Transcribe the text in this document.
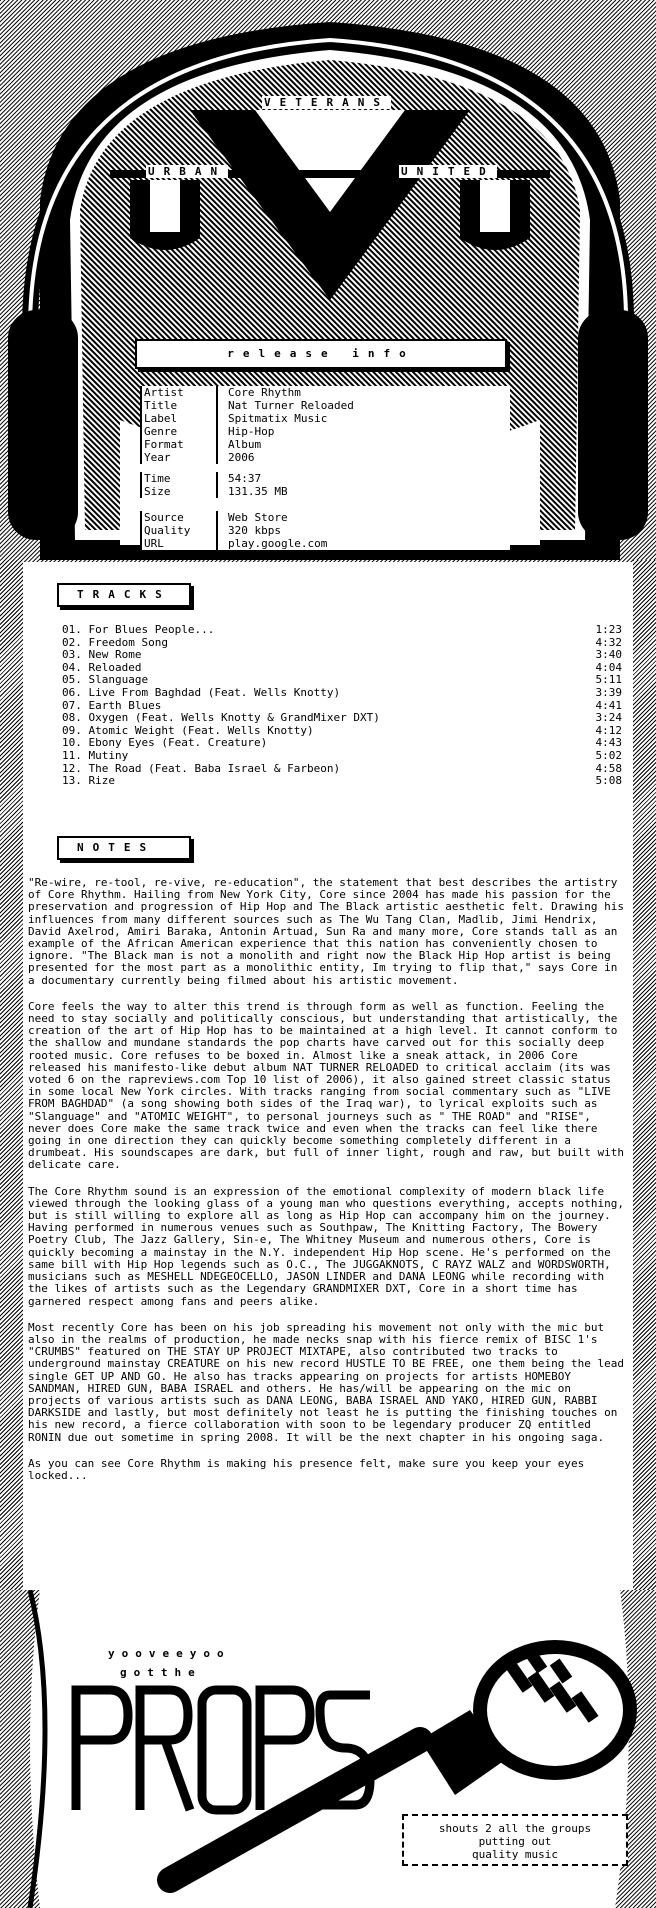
VETERANS
URBAN	UNITED
release info
Artist	Core Rhythm
Title	Nat Turner Reloaded
Label	Spitmatix Music
Genre	Hip-Hop
Format	Album
Year	2006
Time	54:37
Size	131.35 MB
Source	Web Store
Quality	320 kbps
URL	play.google.com
TRACKS
01. For Blues People...	1:23
02. Freedom Song	4:32
03. New Rome	3:40
04. Reloaded	4:04
05. Slanguage	5:11
06. Live From Baghdad (Feat. Wells Knotty)	3:39
07. Earth Blues	4:41
08. Oxygen (Feat. Wells Knotty & GrandMixer DXT)	3:24
09. Atomic Weight (Feat. Wells Knotty)	4:12
10. Ebony Eyes (Feat. Creature)	4:43
11. Mutiny	5:02
12. The Road (Feat. Baba Israel & Farbeon)	4:58
13. Rize	5:08
NOTES

"Re-wire, re-tool, re-vive, re-education", the statement that best describes the artistry of Core Rhythm. Hailing from New York City, Core since 2004 has made his passion for the preservation and progression of Hip Hop and The Black artistic aesthetic felt. Drawing his influences from many different sources such as The Wu Tang Clan, Madlib, Jimi Hendrix, David Axelrod, Amiri Baraka, Antonin Artuad, Sun Ra and many more, Core stands tall as an example of the African American experience that this nation has conveniently chosen to ignore. "The Black man is not a monolith and right now the Black Hip Hop artist is being presented for the most part as a monolithic entity, Im trying to flip that," says Core in a documentary currently being filmed about his artistic movement.

Core feels the way to alter this trend is through form as well as function. Feeling the need to stay socially and politically conscious, but understanding that artistically, the creation of the art of Hip Hop has to be maintained at a high level. It cannot conform to the shallow and mundane standards the pop charts have carved out for this socially deep rooted music. Core refuses to be boxed in. Almost like a sneak attack, in 2006 Core released his manifesto-like debut album NAT TURNER RELOADED to critical acclaim (its was voted 6 on the rapreviews.com Top 10 list of 2006), it also gained street classic status in some local New York circles. With tracks ranging from social commentary such as "LIVE FROM BAGHDAD" (a song showing both sides of the Iraq war), to lyrical exploits such as "Slanguage" and "ATOMIC WEIGHT", to personal journeys such as " THE ROAD" and "RISE", never does Core make the same track twice and even when the tracks can feel like there going in one direction they can quickly become something completely different in a drumbeat. His soundscapes are dark, but full of inner light, rough and raw, but built with delicate care.

The Core Rhythm sound is an expression of the emotional complexity of modern black life viewed through the looking glass of a young man who questions everything, accepts nothing, but is still willing to explore all as long as Hip Hop can accompany him on the journey. Having performed in numerous venues such as Southpaw, The Knitting Factory, The Bowery Poetry Club, The Jazz Gallery, Sin-e, The Whitney Museum and numerous others, Core is quickly becoming a mainstay in the N.Y. independent Hip Hop scene. He's performed on the same bill with Hip Hop legends such as O.C., The JUGGAKNOTS, C RAYZ WALZ and WORDSWORTH, musicians such as MESHELL NDEGEOCELLO, JASON LINDER and DANA LEONG while recording with the likes of artists such as the Legendary GRANDMIXER DXT, Core in a short time has garnered respect among fans and peers alike.

Most recently Core has been on his job spreading his movement not only with the mic but also in the realms of production, he made necks snap with his fierce remix of BISC 1's "CRUMBS" featured on THE STAY UP PROJECT MIXTAPE, also contributed two tracks to underground mainstay CREATURE on his new record HUSTLE TO BE FREE, one them being the lead single GET UP AND GO. He also has tracks appearing on projects for artists HOMEBOY SANDMAN, HIRED GUN, BABA ISRAEL and others. He has/will be appearing on the mic on projects of various artists such as DANA LEONG, BABA ISRAEL AND YAKO, HIRED GUN, RABBI DARKSIDE and lastly, but most definitely not least he is putting the finishing touches on his new record, a fierce collaboration with soon to be legendary producer ZQ entitled RONIN due out sometime in spring 2008. It will be the next chapter in his ongoing saga.

As you can see Core Rhythm is making his presence felt, make sure you keep your eyes locked...

yooveeyoo
gotthe
shouts 2 all the groups
putting out
quality music
